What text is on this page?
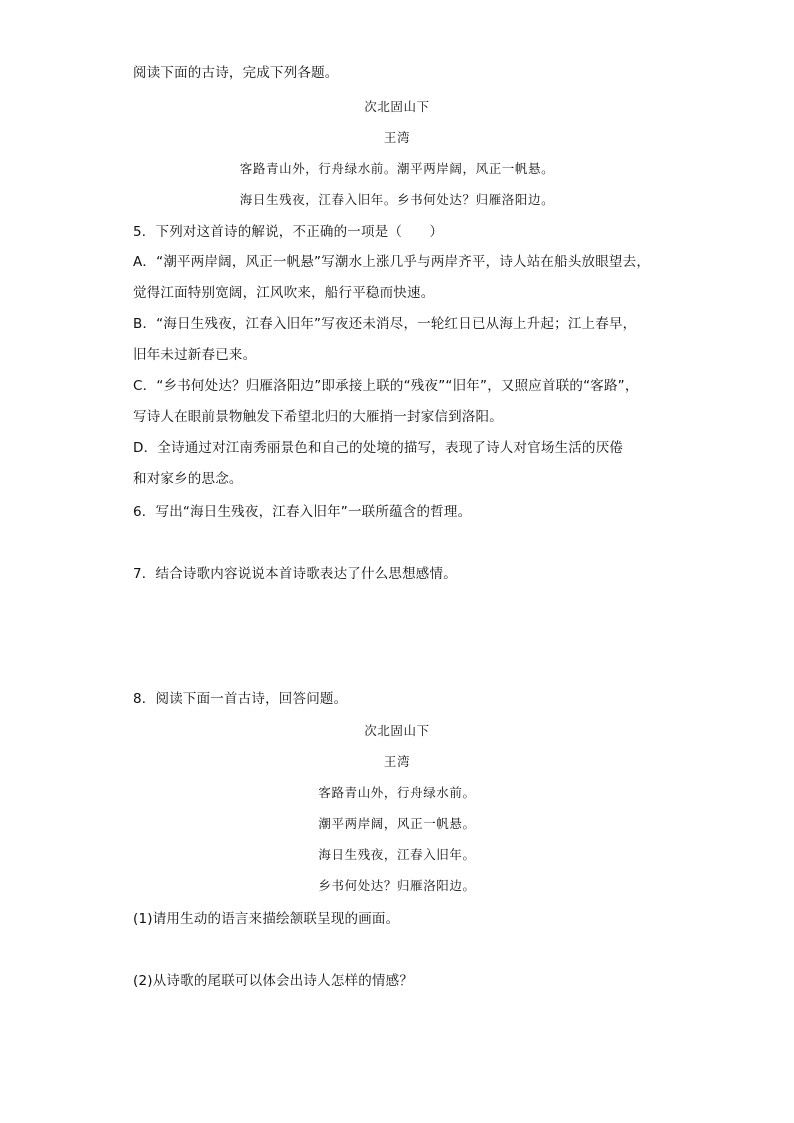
阅读下面的古诗，完成下列各题。
次北固山下
王湾
客路青山外，行舟绿水前。潮平两岸阔，风正一帆悬。
海日生残夜，江春入旧年。乡书何处达？归雁洛阳边。
5．下列对这首诗的解说，不正确的一项是（　　）
A．“潮平两岸阔，风正一帆悬”写潮水上涨几乎与两岸齐平，诗人站在船头放眼望去，
觉得江面特别宽阔，江风吹来，船行平稳而快速。
B．“海日生残夜，江春入旧年”写夜还未消尽，一轮红日已从海上升起；江上春早，
旧年未过新春已来。
C．“乡书何处达？归雁洛阳边”即承接上联的“残夜”“旧年”，又照应首联的“客路”，
写诗人在眼前景物触发下希望北归的大雁捎一封家信到洛阳。
D．全诗通过对江南秀丽景色和自己的处境的描写，表现了诗人对官场生活的厌倦
和对家乡的思念。
6．写出“海日生残夜，江春入旧年”一联所蕴含的哲理。
7．结合诗歌内容说说本首诗歌表达了什么思想感情。
8．阅读下面一首古诗，回答问题。
次北固山下
王湾
客路青山外，行舟绿水前。
潮平两岸阔，风正一帆悬。
海日生残夜，江春入旧年。
乡书何处达？归雁洛阳边。
(1)请用生动的语言来描绘颔联呈现的画面。
(2)从诗歌的尾联可以体会出诗人怎样的情感？
